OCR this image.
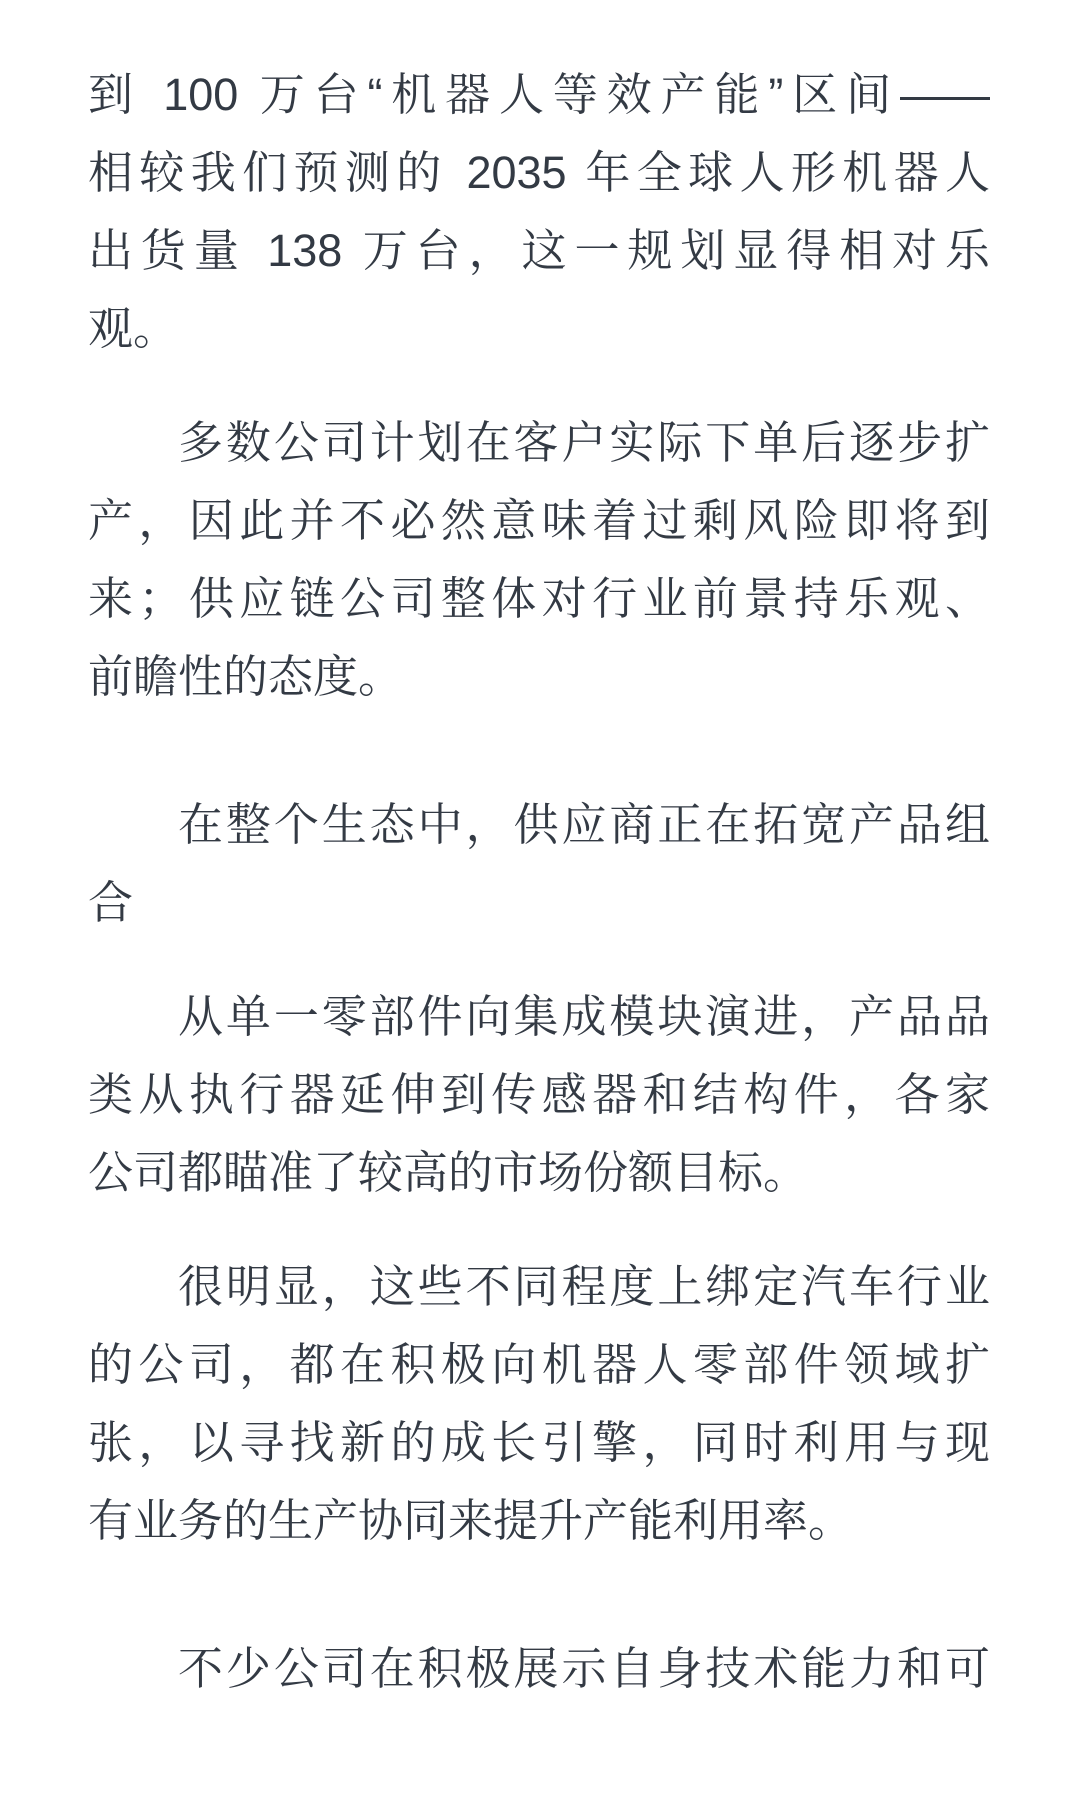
到 100 万台“机器人等效产能”区间——
相较我们预测的 2035 年全球人形机器人
出货量 138 万台，这一规划显得相对乐
观。

多数公司计划在客户实际下单后逐步扩
产，因此并不必然意味着过剩风险即将到
来；供应链公司整体对行业前景持乐观、
前瞻性的态度。

在整个生态中，供应商正在拓宽产品组
合

从单一零部件向集成模块演进，产品品
类从执行器延伸到传感器和结构件，各家
公司都瞄准了较高的市场份额目标。

很明显，这些不同程度上绑定汽车行业
的公司，都在积极向机器人零部件领域扩
张，以寻找新的成长引擎，同时利用与现
有业务的生产协同来提升产能利用率。

不少公司在积极展示自身技术能力和可
